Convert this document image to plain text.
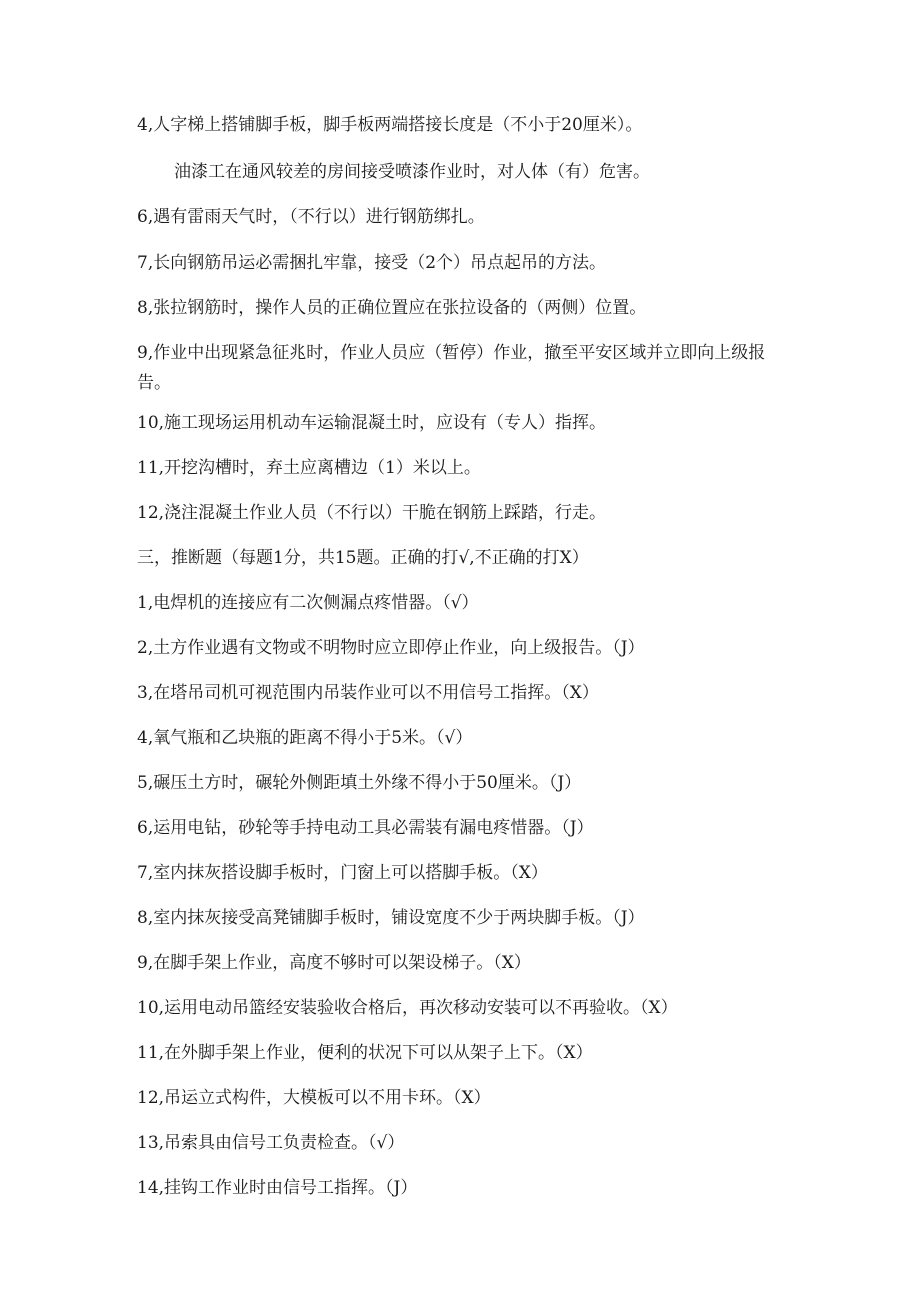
4,人字梯上搭铺脚手板，脚手板两端搭接长度是（不小于20厘米）。
油漆工在通风较差的房间接受喷漆作业时，对人体（有）危害。
6,遇有雷雨天气时，（不行以）进行钢筋绑扎。
7,长向钢筋吊运必需捆扎牢靠，接受（2个）吊点起吊的方法。
8,张拉钢筋时，操作人员的正确位置应在张拉设备的（两侧）位置。
9,作业中出现紧急征兆时，作业人员应（暂停）作业，撤至平安区域并立即向上级报告。
10,施工现场运用机动车运输混凝土时，应设有（专人）指挥。
11,开挖沟槽时，弃土应离槽边（1）米以上。
12,浇注混凝土作业人员（不行以）干脆在钢筋上踩踏，行走。
三，推断题（每题1分，共15题。正确的打√,不正确的打X）
1,电焊机的连接应有二次侧漏点疼惜器。（√）
2,土方作业遇有文物或不明物时应立即停止作业，向上级报告。（J）
3,在塔吊司机可视范围内吊装作业可以不用信号工指挥。（X）
4,氧气瓶和乙块瓶的距离不得小于5米。（√）
5,碾压土方时，碾轮外侧距填土外缘不得小于50厘米。（J）
6,运用电钻，砂轮等手持电动工具必需装有漏电疼惜器。（J）
7,室内抹灰搭设脚手板时，门窗上可以搭脚手板。（X）
8,室内抹灰接受高凳铺脚手板时，铺设宽度不少于两块脚手板。（J）
9,在脚手架上作业，高度不够时可以架设梯子。（X）
10,运用电动吊篮经安装验收合格后，再次移动安装可以不再验收。（X）
11,在外脚手架上作业，便利的状况下可以从架子上下。（X）
12,吊运立式构件，大模板可以不用卡环。（X）
13,吊索具由信号工负责检查。（√）
14,挂钩工作业时由信号工指挥。（J）
